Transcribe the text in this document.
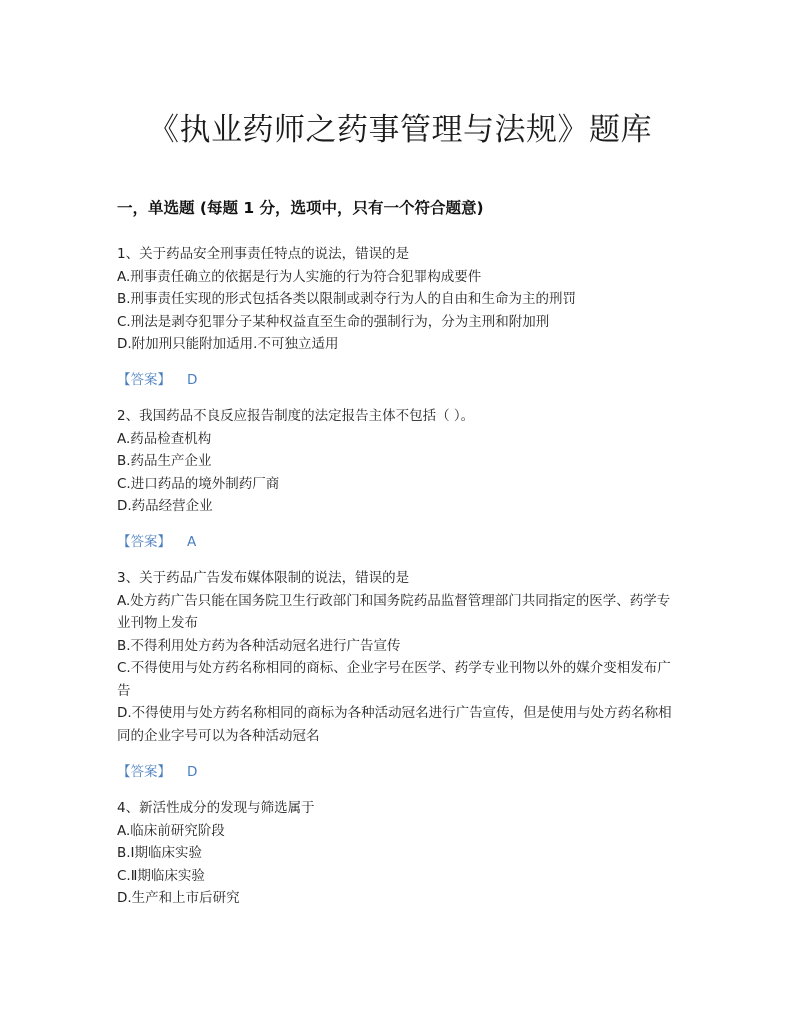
《执业药师之药事管理与法规》题库
一，单选题 (每题 1 分，选项中，只有一个符合题意)
1、关于药品安全刑事责任特点的说法，错误的是
A.刑事责任确立的依据是行为人实施的行为符合犯罪构成要件
B.刑事责任实现的形式包括各类以限制或剥夺行为人的自由和生命为主的刑罚
C.刑法是剥夺犯罪分子某种权益直至生命的强制行为，分为主刑和附加刑
D.附加刑只能附加适用.不可独立适用
【答案】 D
2、我国药品不良反应报告制度的法定报告主体不包括（ ）。
A.药品检查机构
B.药品生产企业
C.进口药品的境外制药厂商
D.药品经营企业
【答案】 A
3、关于药品广告发布媒体限制的说法，错误的是
A.处方药广告只能在国务院卫生行政部门和国务院药品监督管理部门共同指定的医学、药学专业刊物上发布
B.不得利用处方药为各种活动冠名进行广告宣传
C.不得使用与处方药名称相同的商标、企业字号在医学、药学专业刊物以外的媒介变相发布广告
D.不得使用与处方药名称相同的商标为各种活动冠名进行广告宣传，但是使用与处方药名称相同的企业字号可以为各种活动冠名
【答案】 D
4、新活性成分的发现与筛选属于
A.临床前研究阶段
B.Ⅰ期临床实验
C.Ⅱ期临床实验
D.生产和上市后研究
